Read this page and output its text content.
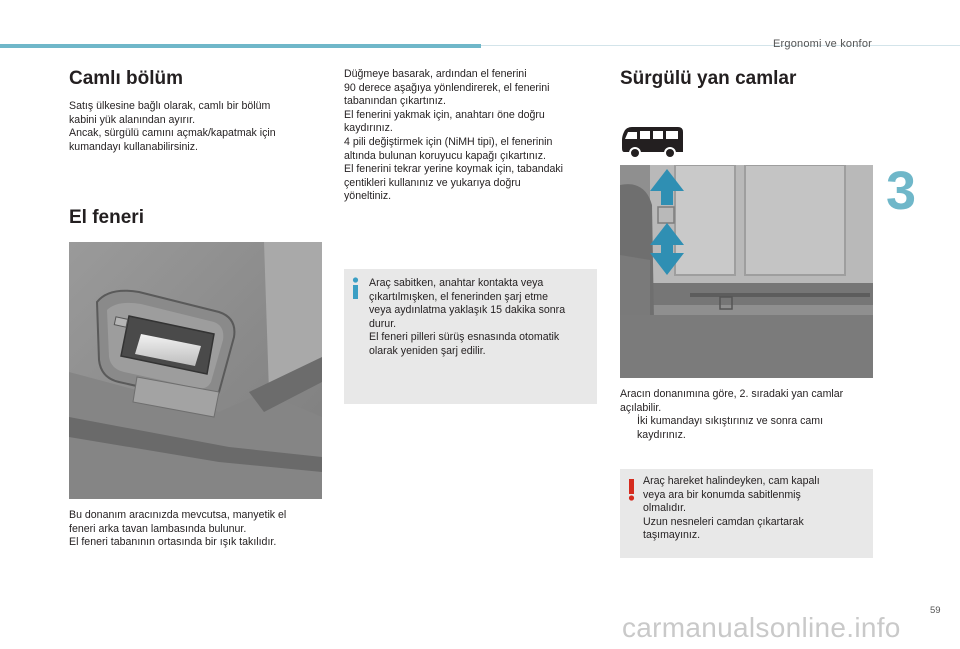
Ergonomi ve konfor
3
Camlı bölüm

Satış ülkesine bağlı olarak, camlı bir bölüm
kabini yük alanından ayırır.
Ancak, sürgülü camını açmak/kapatmak için
kumandayı kullanabilirsiniz.

El feneri

Bu donanım aracınızda mevcutsa, manyetik el
feneri arka tavan lambasında bulunur.
El feneri tabanının ortasında bir ışık takılıdır.

Düğmeye basarak, ardından el fenerini
90 derece aşağıya yönlendirerek, el fenerini
tabanından çıkartınız.
El fenerini yakmak için, anahtarı öne doğru
kaydırınız.
4 pili değiştirmek için (NiMH tipi), el fenerinin
altında bulunan koruyucu kapağı çıkartınız.
El fenerini tekrar yerine koymak için, tabandaki
çentikleri kullanınız ve yukarıya doğru
yöneltiniz.

Araç sabitken, anahtar kontakta veya
çıkartılmışken, el fenerinden şarj etme
veya aydınlatma yaklaşık 15 dakika sonra
durur.
El feneri pilleri sürüş esnasında otomatik
olarak yeniden şarj edilir.
Sürgülü yan camlar

Aracın donanımına göre, 2. sıradaki yan camlar
açılabilir.

İki kumandayı sıkıştırınız ve sonra camı
kaydırınız.

Araç hareket halindeyken, cam kapalı
veya ara bir konumda sabitlenmiş
olmalıdır.
Uzun nesneleri camdan çıkartarak
taşımayınız.
59
carmanualsonline.info
